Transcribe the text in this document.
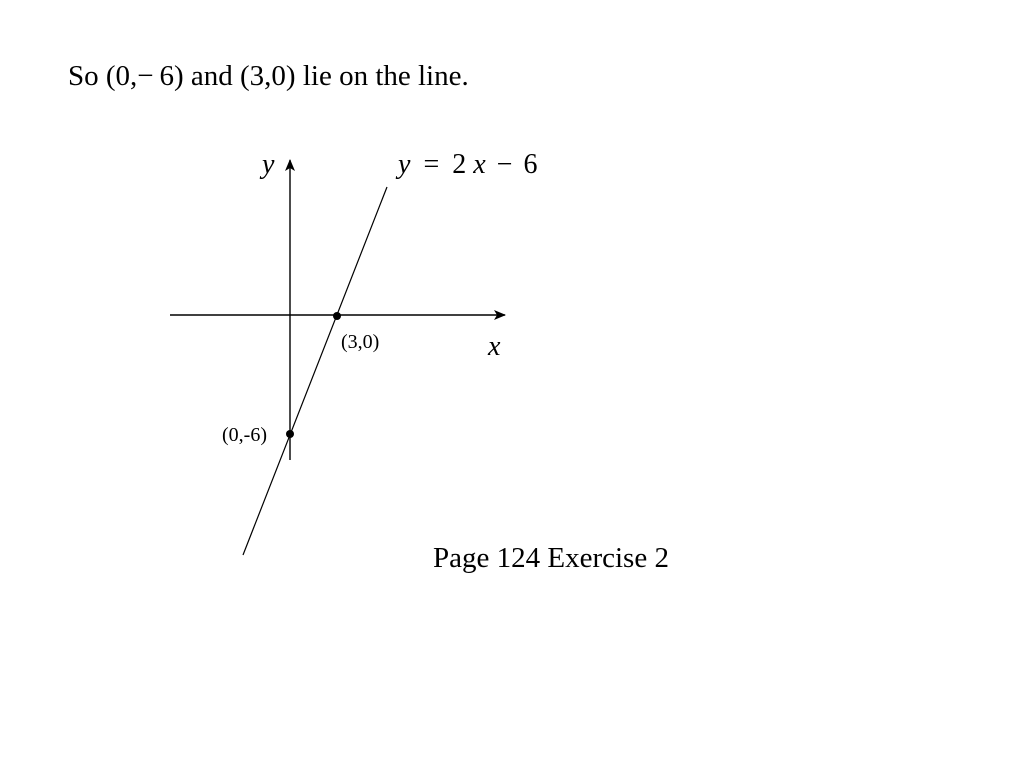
So (0,− 6) and (3,0) lie on the line.
y
x
y = 2 x − 6
(3,0)
(0,-6)
Page 124 Exercise 2
